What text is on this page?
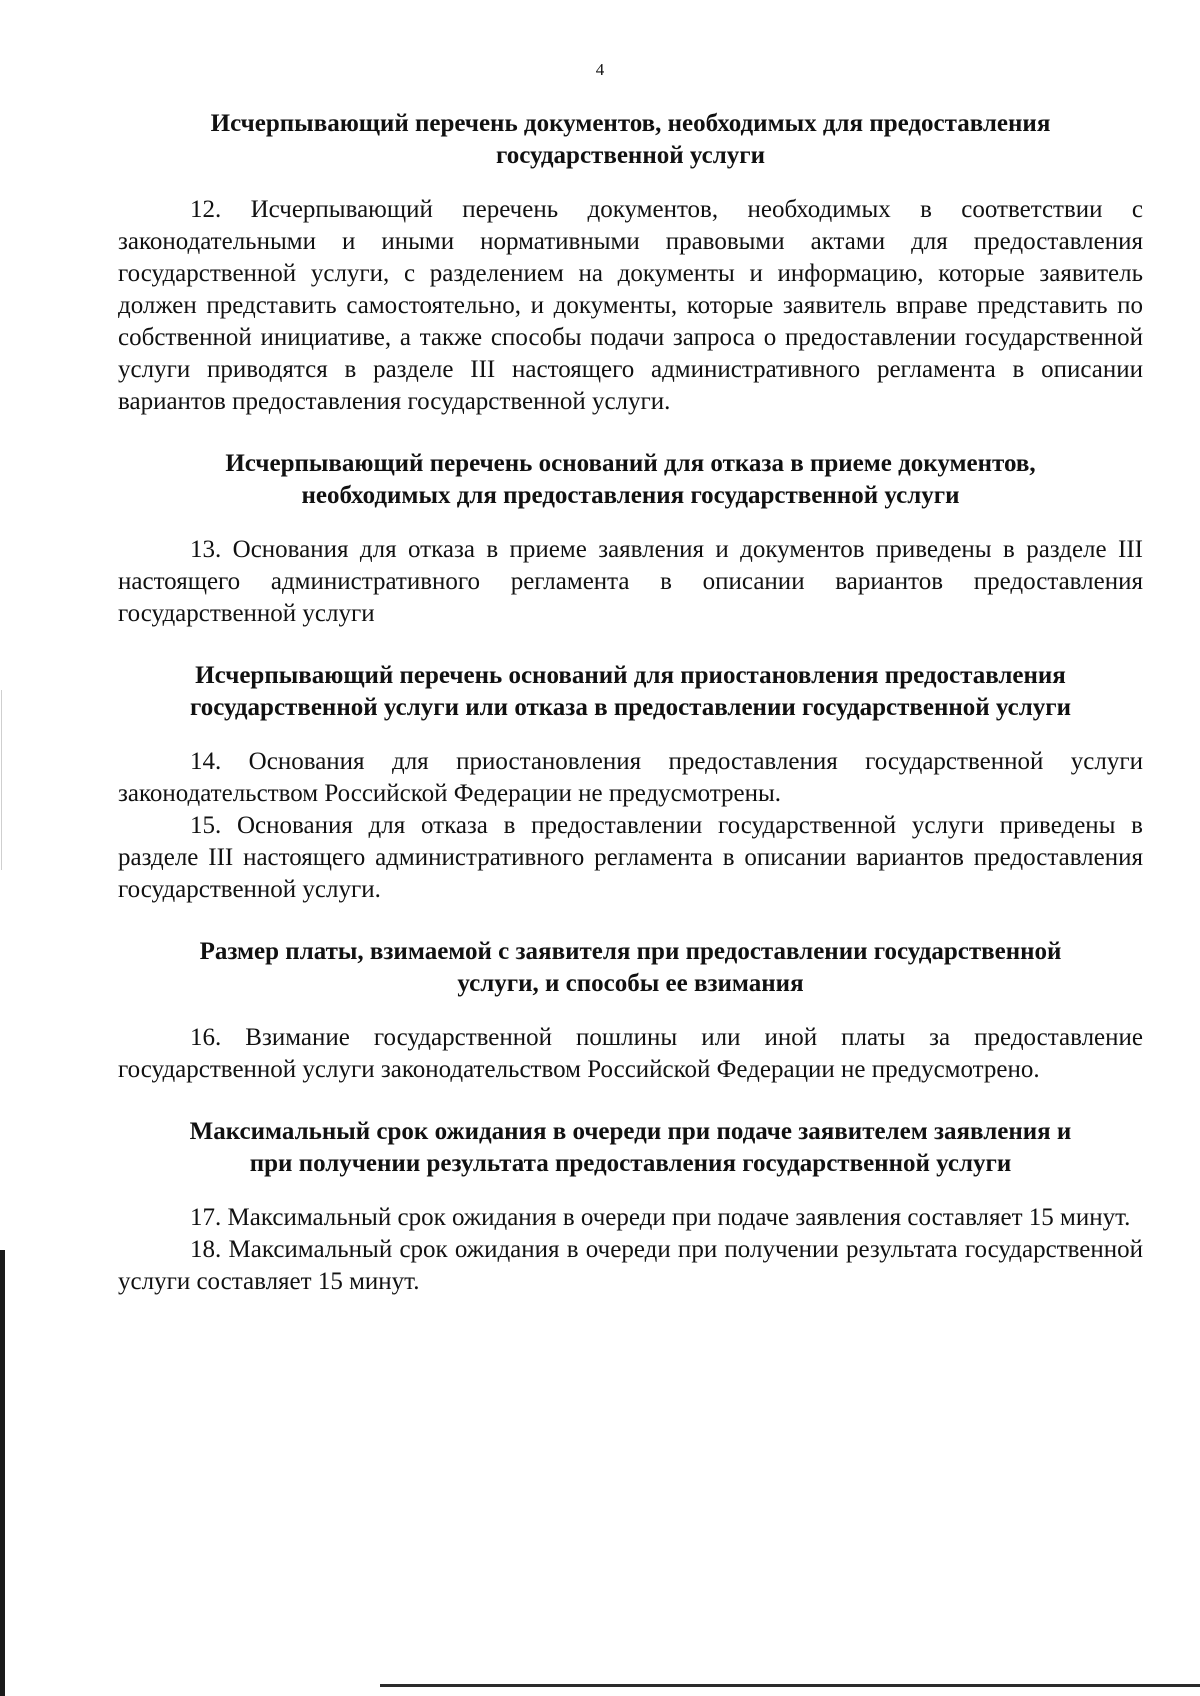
4
Исчерпывающий перечень документов, необходимых для предоставления
государственной услуги

12. Исчерпывающий перечень документов, необходимых в соответствии с законодательными и иными нормативными правовыми актами для предоставления государственной услуги, с разделением на документы и информацию, которые заявитель должен представить самостоятельно, и документы, которые заявитель вправе представить по собственной инициативе, а также способы подачи запроса о предоставлении государственной услуги приводятся в разделе III настоящего административного регламента в описании вариантов предоставления государственной услуги.

Исчерпывающий перечень оснований для отказа в приеме документов,
необходимых для предоставления государственной услуги

13. Основания для отказа в приеме заявления и документов приведены в разделе III настоящего административного регламента в описании вариантов предоставления государственной услуги

Исчерпывающий перечень оснований для приостановления предоставления
государственной услуги или отказа в предоставлении государственной услуги

14. Основания для приостановления предоставления государственной услуги законодательством Российской Федерации не предусмотрены.

15. Основания для отказа в предоставлении государственной услуги приведены в разделе III настоящего административного регламента в описании вариантов предоставления государственной услуги.

Размер платы, взимаемой с заявителя при предоставлении государственной
услуги, и способы ее взимания

16. Взимание государственной пошлины или иной платы за предоставление государственной услуги законодательством Российской Федерации не предусмотрено.

Максимальный срок ожидания в очереди при подаче заявителем заявления и
при получении результата предоставления государственной услуги

17. Максимальный срок ожидания в очереди при подаче заявления составляет 15 минут.

18. Максимальный срок ожидания в очереди при получении результата государственной услуги составляет 15 минут.
